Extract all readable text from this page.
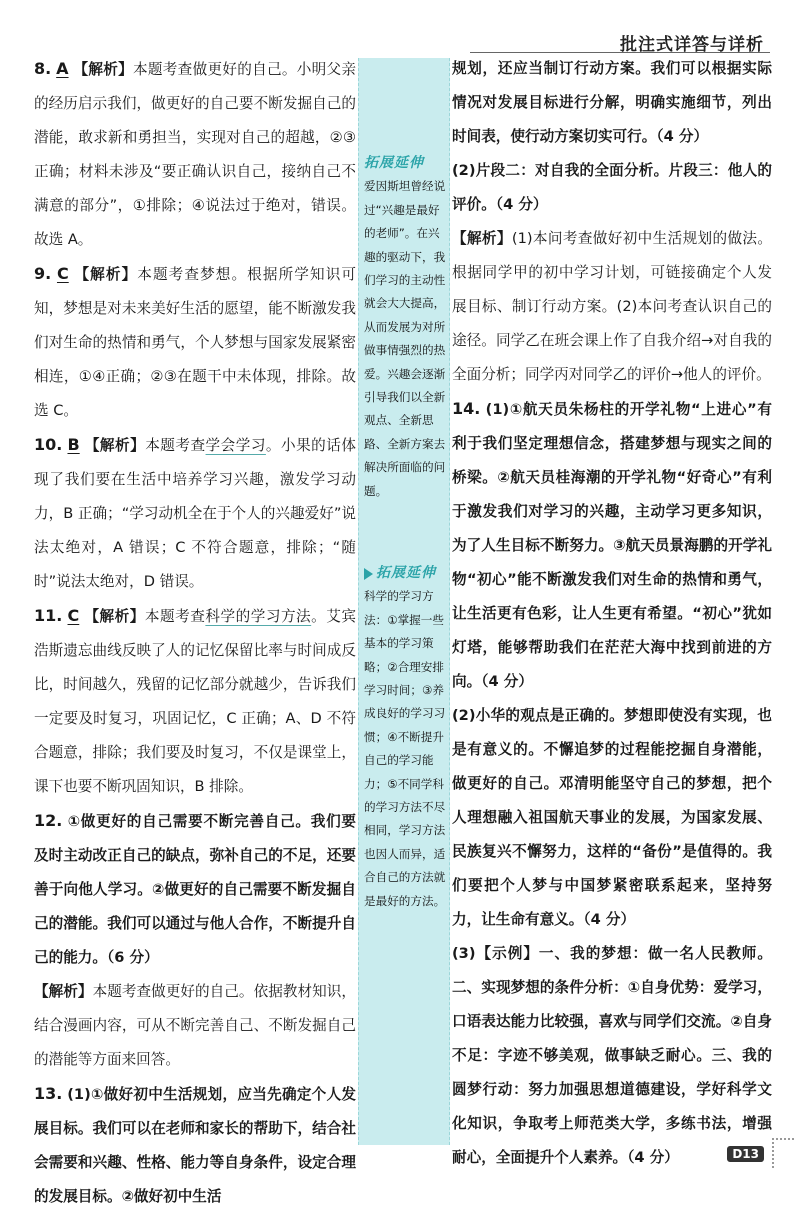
批注式详答与详析
8. A 【解析】本题考查做更好的自己。小明父亲的经历启示我们，做更好的自己要不断发掘自己的潜能，敢求新和勇担当，实现对自己的超越，②③正确；材料未涉及“要正确认识自己，接纳自己不满意的部分”，①排除；④说法过于绝对，错误。故选 A。
9. C 【解析】本题考查梦想。根据所学知识可知，梦想是对未来美好生活的愿望，能不断激发我们对生命的热情和勇气，个人梦想与国家发展紧密相连，①④正确；②③在题干中未体现，排除。故选 C。
10. B 【解析】本题考查学会学习。小果的话体现了我们要在生活中培养学习兴趣，激发学习动力，B 正确；“学习动机全在于个人的兴趣爱好”说法太绝对，A 错误；C 不符合题意，排除；“随时”说法太绝对，D 错误。
11. C 【解析】本题考查科学的学习方法。艾宾浩斯遗忘曲线反映了人的记忆保留比率与时间成反比，时间越久，残留的记忆部分就越少，告诉我们一定要及时复习，巩固记忆，C 正确；A、D 不符合题意，排除；我们要及时复习，不仅是课堂上，课下也要不断巩固知识，B 排除。
12. ①做更好的自己需要不断完善自己。我们要及时主动改正自己的缺点，弥补自己的不足，还要善于向他人学习。②做更好的自己需要不断发掘自己的潜能。我们可以通过与他人合作，不断提升自己的能力。（6 分）
【解析】本题考查做更好的自己。依据教材知识，结合漫画内容，可从不断完善自己、不断发掘自己的潜能等方面来回答。
13. (1)①做好初中生活规划，应当先确定个人发展目标。我们可以在老师和家长的帮助下，结合社会需要和兴趣、性格、能力等自身条件，设定合理的发展目标。②做好初中生活
拓展延伸
爱因斯坦曾经说过“兴趣是最好的老师”。在兴趣的驱动下，我们学习的主动性就会大大提高，从而发展为对所做事情强烈的热爱。兴趣会逐渐引导我们以全新观点、全新思路、全新方案去解决所面临的问题。
拓展延伸
科学的学习方法：①掌握一些基本的学习策略；②合理安排学习时间；③养成良好的学习习惯；④不断提升自己的学习能力；⑤不同学科的学习方法不尽相同，学习方法也因人而异，适合自己的方法就是最好的方法。
规划，还应当制订行动方案。我们可以根据实际情况对发展目标进行分解，明确实施细节，列出时间表，使行动方案切实可行。（4 分）
(2)片段二：对自我的全面分析。片段三：他人的评价。（4 分）
【解析】(1)本问考查做好初中生活规划的做法。根据同学甲的初中学习计划，可链接确定个人发展目标、制订行动方案。(2)本问考查认识自己的途径。同学乙在班会课上作了自我介绍→对自我的全面分析；同学丙对同学乙的评价→他人的评价。
14. (1)①航天员朱杨柱的开学礼物“上进心”有利于我们坚定理想信念，搭建梦想与现实之间的桥梁。②航天员桂海潮的开学礼物“好奇心”有利于激发我们对学习的兴趣，主动学习更多知识，为了人生目标不断努力。③航天员景海鹏的开学礼物“初心”能不断激发我们对生命的热情和勇气，让生活更有色彩，让人生更有希望。“初心”犹如灯塔，能够帮助我们在茫茫大海中找到前进的方向。（4 分）
(2)小华的观点是正确的。梦想即使没有实现，也是有意义的。不懈追梦的过程能挖掘自身潜能，做更好的自己。邓清明能坚守自己的梦想，把个人理想融入祖国航天事业的发展，为国家发展、民族复兴不懈努力，这样的“备份”是值得的。我们要把个人梦与中国梦紧密联系起来，坚持努力，让生命有意义。（4 分）
(3)【示例】一、我的梦想：做一名人民教师。二、实现梦想的条件分析：①自身优势：爱学习，口语表达能力比较强，喜欢与同学们交流。②自身不足：字迹不够美观，做事缺乏耐心。三、我的圆梦行动：努力加强思想道德建设，学好科学文化知识，争取考上师范类大学，多练书法，增强耐心，全面提升个人素养。（4 分）	D13
